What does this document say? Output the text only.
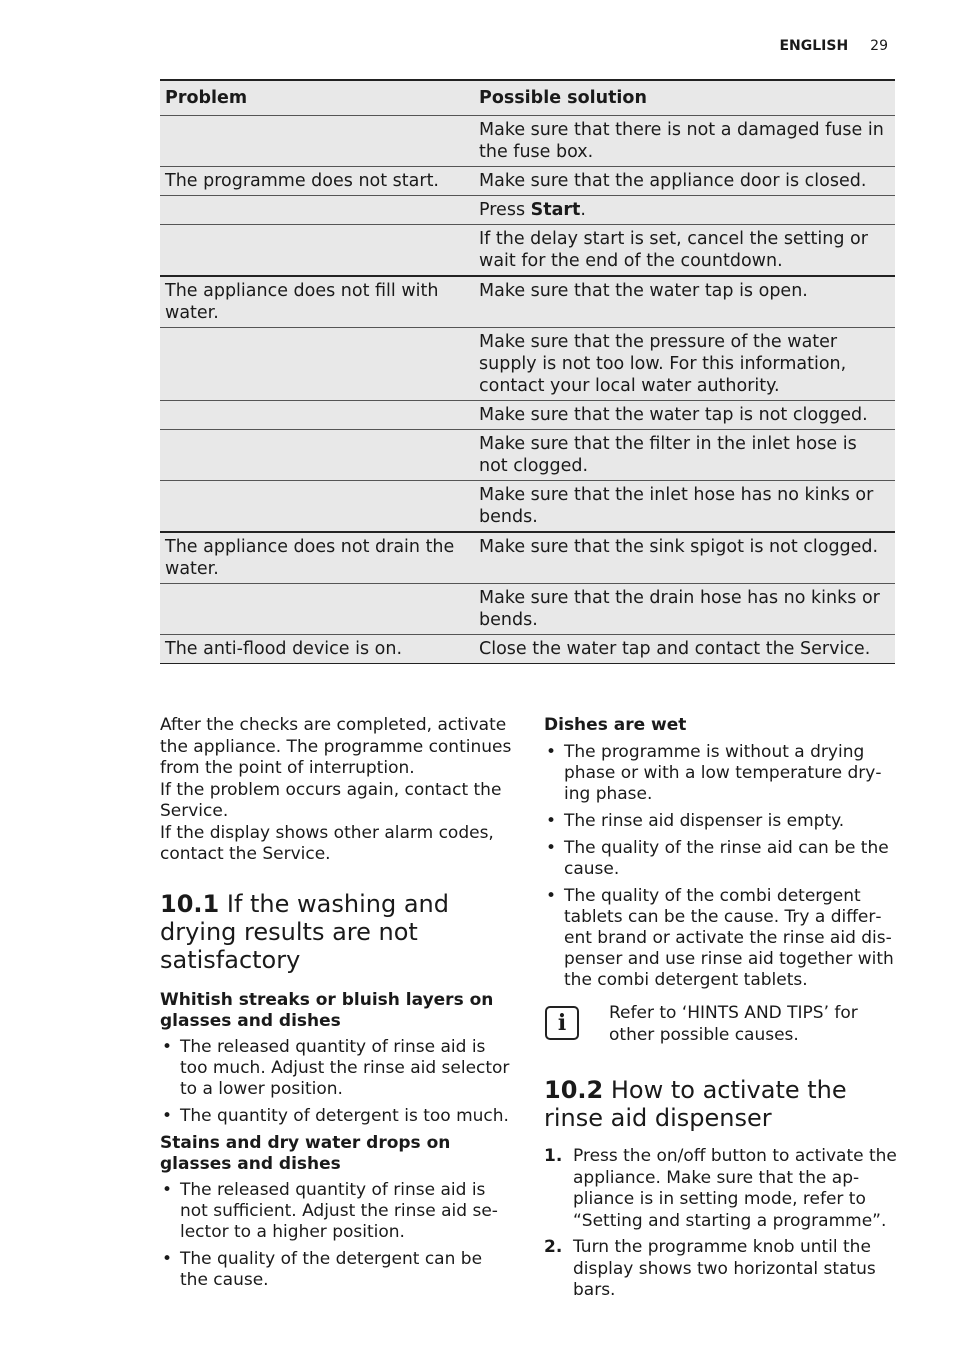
ENGLISH 29
Problem	Possible solution
	Make sure that there is not a damaged fuse in the fuse box.
The programme does not start.	Make sure that the appliance door is closed.
	Press Start.
	If the delay start is set, cancel the setting or wait for the end of the countdown.
The appliance does not fill with water.	Make sure that the water tap is open.
	Make sure that the pressure of the water supply is not too low. For this information, contact your local water authority.
	Make sure that the water tap is not clogged.
	Make sure that the filter in the inlet hose is not clogged.
	Make sure that the inlet hose has no kinks or bends.
The appliance does not drain the water.	Make sure that the sink spigot is not clogged.
	Make sure that the drain hose has no kinks or bends.
The anti-flood device is on.	Close the water tap and contact the Service.

After the checks are completed, activate the appliance. The programme continues from the point of interruption.

If the problem occurs again, contact the Service.

If the display shows other alarm codes, contact the Service.

10.1 If the washing and drying results are not satisfactory
Whitish streaks or bluish layers on glasses and dishes
• The released quantity of rinse aid is too much. Adjust the rinse aid selector to a lower position.
• The quantity of detergent is too much.
Stains and dry water drops on glasses and dishes
• The released quantity of rinse aid is not sufficient. Adjust the rinse aid selector to a higher position.
• The quality of the detergent can be the cause.
Dishes are wet
• The programme is without a drying phase or with a low temperature drying phase.
• The rinse aid dispenser is empty.
• The quality of the rinse aid can be the cause.
• The quality of the combi detergent tablets can be the cause. Try a different brand or activate the rinse aid dispenser and use rinse aid together with the combi detergent tablets.
i	Refer to ‘HINTS AND TIPS’ for other possible causes.
10.2 How to activate the rinse aid dispenser
1. Press the on/off button to activate the appliance. Make sure that the appliance is in setting mode, refer to “Setting and starting a programme”.
2. Turn the programme knob until the display shows two horizontal status bars.
